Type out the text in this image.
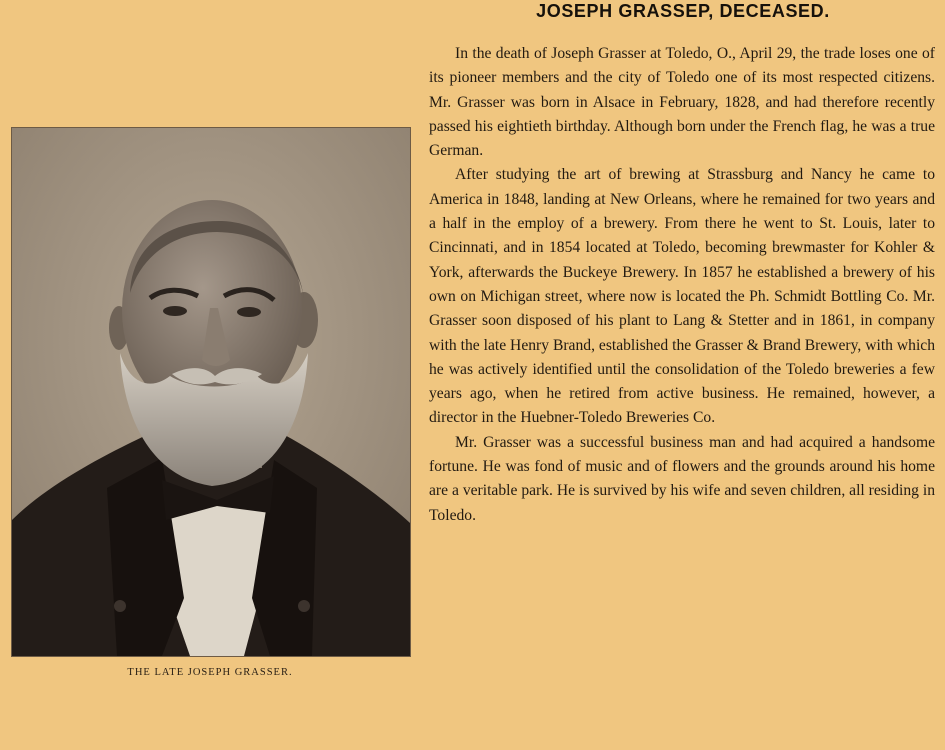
THE LATE JOSEPH GRASSER.
JOSEPH GRASSEP, DECEASED.

In the death of Joseph Grasser at Toledo, O., April 29, the trade loses one of its pioneer members and the city of Toledo one of its most respected citizens. Mr. Grasser was born in Alsace in February, 1828, and had therefore recently passed his eightieth birthday. Although born under the French flag, he was a true German.

After studying the art of brewing at Strassburg and Nancy he came to America in 1848, landing at New Orleans, where he remained for two years and a half in the employ of a brewery. From there he went to St. Louis, later to Cincinnati, and in 1854 located at Toledo, becoming brewmaster for Kohler & York, afterwards the Buckeye Brewery. In 1857 he established a brewery of his own on Michigan street, where now is located the Ph. Schmidt Bottling Co. Mr. Grasser soon disposed of his plant to Lang & Stetter and in 1861, in company with the late Henry Brand, established the Grasser & Brand Brewery, with which he was actively identified until the consolidation of the Toledo breweries a few years ago, when he retired from active business. He remained, however, a director in the Huebner-Toledo Breweries Co.

Mr. Grasser was a successful business man and had acquired a handsome fortune. He was fond of music and of flowers and the grounds around his home are a veritable park. He is survived by his wife and seven children, all residing in Toledo.
